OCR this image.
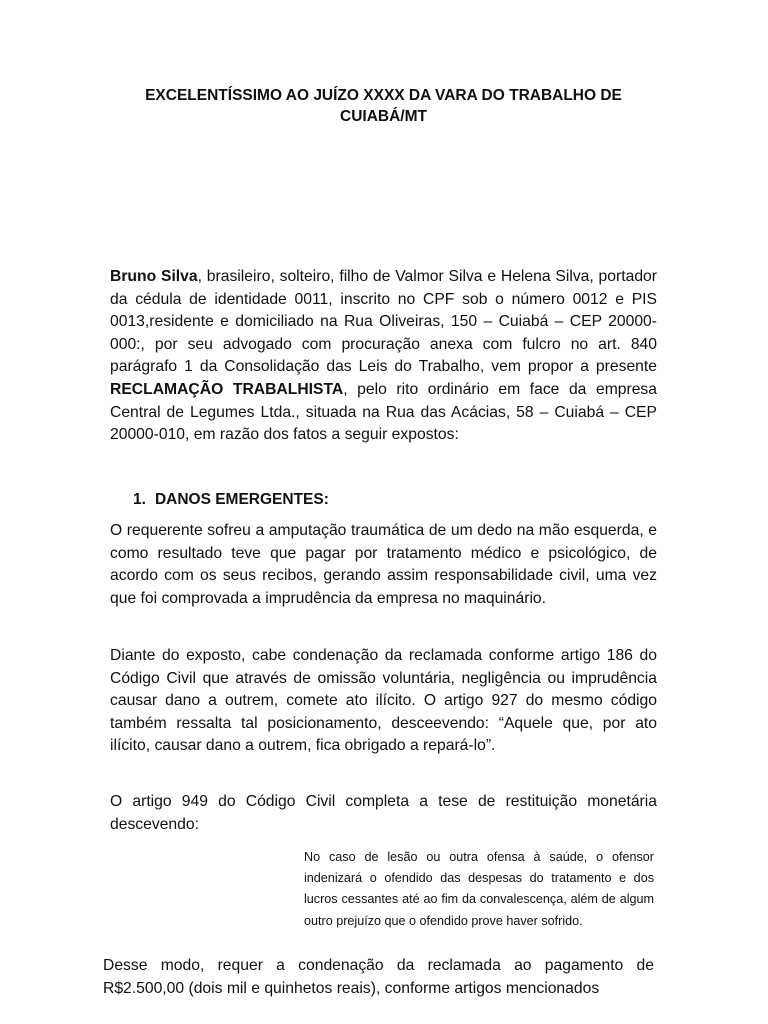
EXCELENTÍSSIMO AO JUÍZO XXXX DA VARA DO TRABALHO DE CUIABÁ/MT

Bruno Silva, brasileiro, solteiro, filho de Valmor Silva e Helena Silva, portador da cédula de identidade 0011, inscrito no CPF sob o número 0012 e PIS 0013,residente e domiciliado na Rua Oliveiras, 150 – Cuiabá – CEP 20000- 000:, por seu advogado com procuração anexa com fulcro no art. 840 parágrafo 1 da Consolidação das Leis do Trabalho, vem propor a presente RECLAMAÇÃO TRABALHISTA, pelo rito ordinário em face da empresa Central de Legumes Ltda., situada na Rua das Acácias, 58 – Cuiabá – CEP 20000-010, em razão dos fatos a seguir expostos:

1. DANOS EMERGENTES:

O requerente sofreu a amputação traumática de um dedo na mão esquerda, e como resultado teve que pagar por tratamento médico e psicológico, de acordo com os seus recibos, gerando assim responsabilidade civil, uma vez que foi comprovada a imprudência da empresa no maquinário.

Diante do exposto, cabe condenação da reclamada conforme artigo 186 do Código Civil que através de omissão voluntária, negligência ou imprudência causar dano a outrem, comete ato ilícito. O artigo 927 do mesmo código também ressalta tal posicionamento, desceevendo: “Aquele que, por ato ilícito, causar dano a outrem, fica obrigado a repará-lo”.

O artigo 949 do Código Civil completa a tese de restituição monetária descevendo:

No caso de lesão ou outra ofensa à saúde, o ofensor indenizará o ofendido das despesas do tratamento e dos lucros cessantes até ao fim da convalescença, além de algum outro prejuízo que o ofendido prove haver sofrido.

Desse modo, requer a condenação da reclamada ao pagamento de R$2.500,00 (dois mil e quinhetos reais), conforme artigos mencionados
